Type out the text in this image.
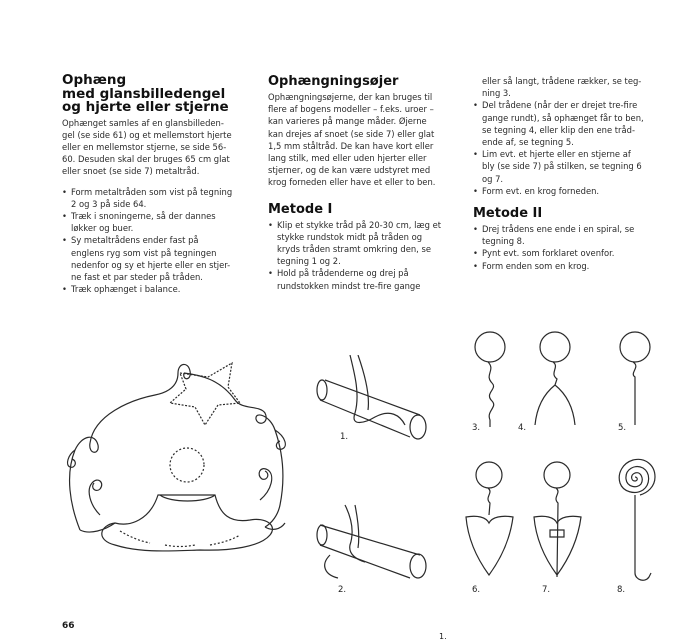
Ophæng
med glansbilledengel
og hjerte eller stjerne

Ophænget samles af en glansbilleden-
gel (se side 61) og et mellemstort hjerte
eller en mellemstor stjerne, se side 56-
60. Desuden skal der bruges 65 cm glat
eller snoet (se side 7) metaltråd.

• Form metaltråden som vist på tegning
2 og 3 på side 64.
• Træk i snoningerne, så der dannes
løkker og buer.
• Sy metaltrådens ender fast på
englens ryg som vist på tegningen
nedenfor og sy et hjerte eller en stjer-
ne fast et par steder på tråden.
• Træk ophænget i balance.
Ophængningsøjer

Ophængningsøjerne, der kan bruges til
flere af bogens modeller – f.eks. uroer –
kan varieres på mange måder. Øjerne
kan drejes af snoet (se side 7) eller glat
1,5 mm ståltråd. De kan have kort eller
lang stilk, med eller uden hjerter eller
stjerner, og de kan være udstyret med
krog forneden eller have et eller to ben.

Metode I
• Klip et stykke tråd på 20-30 cm, læg et
stykke rundstok midt på tråden og
kryds tråden stramt omkring den, se
tegning 1 og 2.
• Hold på trådenderne og drej på
rundstokken mindst tre-fire gange

eller så langt, trådene rækker, se teg-
ning 3.

• Del trådene (når der er drejet tre-fire
gange rundt), så ophænget får to ben,
se tegning 4, eller klip den ene tråd-
ende af, se tegning 5.
• Lim evt. et hjerte eller en stjerne af
bly (se side 7) på stilken, se tegning 6
og 7.
• Form evt. en krog forneden.
Metode II
• Drej trådens ene ende i en spiral, se
tegning 8.
• Pynt evt. som forklaret ovenfor.
• Form enden som en krog.
1.
2.
3.	4.	5.
6.	7.	8.
66
1.
